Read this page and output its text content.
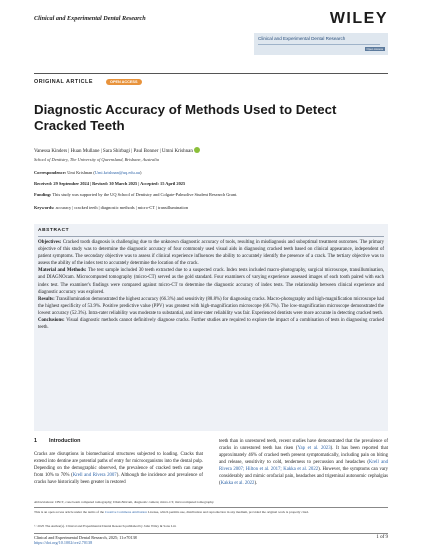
Clinical and Experimental Dental Research	WILEY
Clinical and Experimental Dental Research
Open Access
ORIGINAL ARTICLE	OPEN ACCESS
Diagnostic Accuracy of Methods Used to Detect Cracked Teeth
Vanessa Kinders | Huan Mullane | Sara Shirbagi | Paul Bonner | Umni Krishnan
School of Dentistry, The University of Queensland, Brisbane, Australia
Correspondence: Umi Krishnan (Umi.krishnan@uq.edu.au)
Received: 29 September 2024 | Revised: 30 March 2025 | Accepted: 15 April 2025
Funding: This study was supported by the UQ School of Dentistry and Colgate-Palmolive Student Research Grant.
Keywords: accuracy | cracked teeth | diagnostic methods | micro-CT | transillumination
ABSTRACT

Objectives: Cracked tooth diagnosis is challenging due to the unknown diagnostic accuracy of tools, resulting in misdiagnosis and suboptimal treatment outcomes. The primary objective of this study was to determine the diagnostic accuracy of four commonly used visual aids in diagnosing cracked teeth based on clinical appearance, independent of patient symptoms. The secondary objective was to assess if clinical experience influences the ability to accurately identify the presence of a crack. The tertiary objective was to assess the ability of the index test to accurately determine the location of the crack.

Material and Methods: The test sample included 30 teeth extracted due to a suspected crack. Index tests included macro-photography, surgical microscope, transillumination, and DIAGNOcam. Microcomputed tomography (micro-CT) served as the gold standard. Four examiners of varying experience assessed images of each tooth paired with each index test. The examiner's findings were compared against micro-CT to determine the diagnostic accuracy of index tests. The relationship between clinical experience and diagnostic accuracy was explored.

Results: Transillumination demonstrated the highest accuracy (66.3%) and sensitivity (88.8%) for diagnosing cracks. Macro-photography and high-magnification microscope had the highest specificity of 53.9%. Positive predictive value (PPV) was greatest with high-magnification microscope (66.7%). The low-magnification microscope demonstrated the lowest accuracy (52.3%). Intra-rater reliability was moderate to substantial, and inter-rater reliability was fair. Experienced dentists were more accurate in detecting cracked teeth.

Conclusions: Visual diagnostic methods cannot definitively diagnose cracks. Further studies are required to explore the impact of a combination of tests in diagnosing cracked teeth.

1 Introduction

Cracks are disruptions in biomechanical structures subjected to loading. Cracks that extend into dentine are potential paths of entry for microorganisms into the dental pulp. Depending on the demographic observed, the prevalence of cracked teeth can range from 10% to 70% (Krell and Rivera 2007). Although the incidence and prevalence of cracks have historically been greater in restored

teeth than in unrestored teeth, recent studies have demonstrated that the prevalence of cracks in unrestored teeth has risen (Yap et al. 2023). It has been reported that approximately 46% of cracked teeth present symptomatically, including pain on biting and release, sensitivity to cold, tenderness to percussion and headaches (Krell and Rivera 2007; Hilton et al. 2017; Kakka et al. 2022). However, the symptoms can vary considerably and mimic orofacial pain, headaches and trigeminal autonomic cephalgias (Kakka et al. 2022).

Abbreviations: CBCT, cone beam computed tomography; DIAGNOcam, diagnostic camera; micro-CT, microcomputed tomography.
This is an open access article under the terms of the Creative Commons Attribution License, which permits use, distribution and reproduction in any medium, provided the original work is properly cited.
© 2025 The Author(s). Clinical and Experimental Dental Research published by John Wiley & Sons Ltd.
Clinical and Experimental Dental Research, 2025; 11:e70138
https://doi.org/10.1002/cre2.70138
1 of 9
